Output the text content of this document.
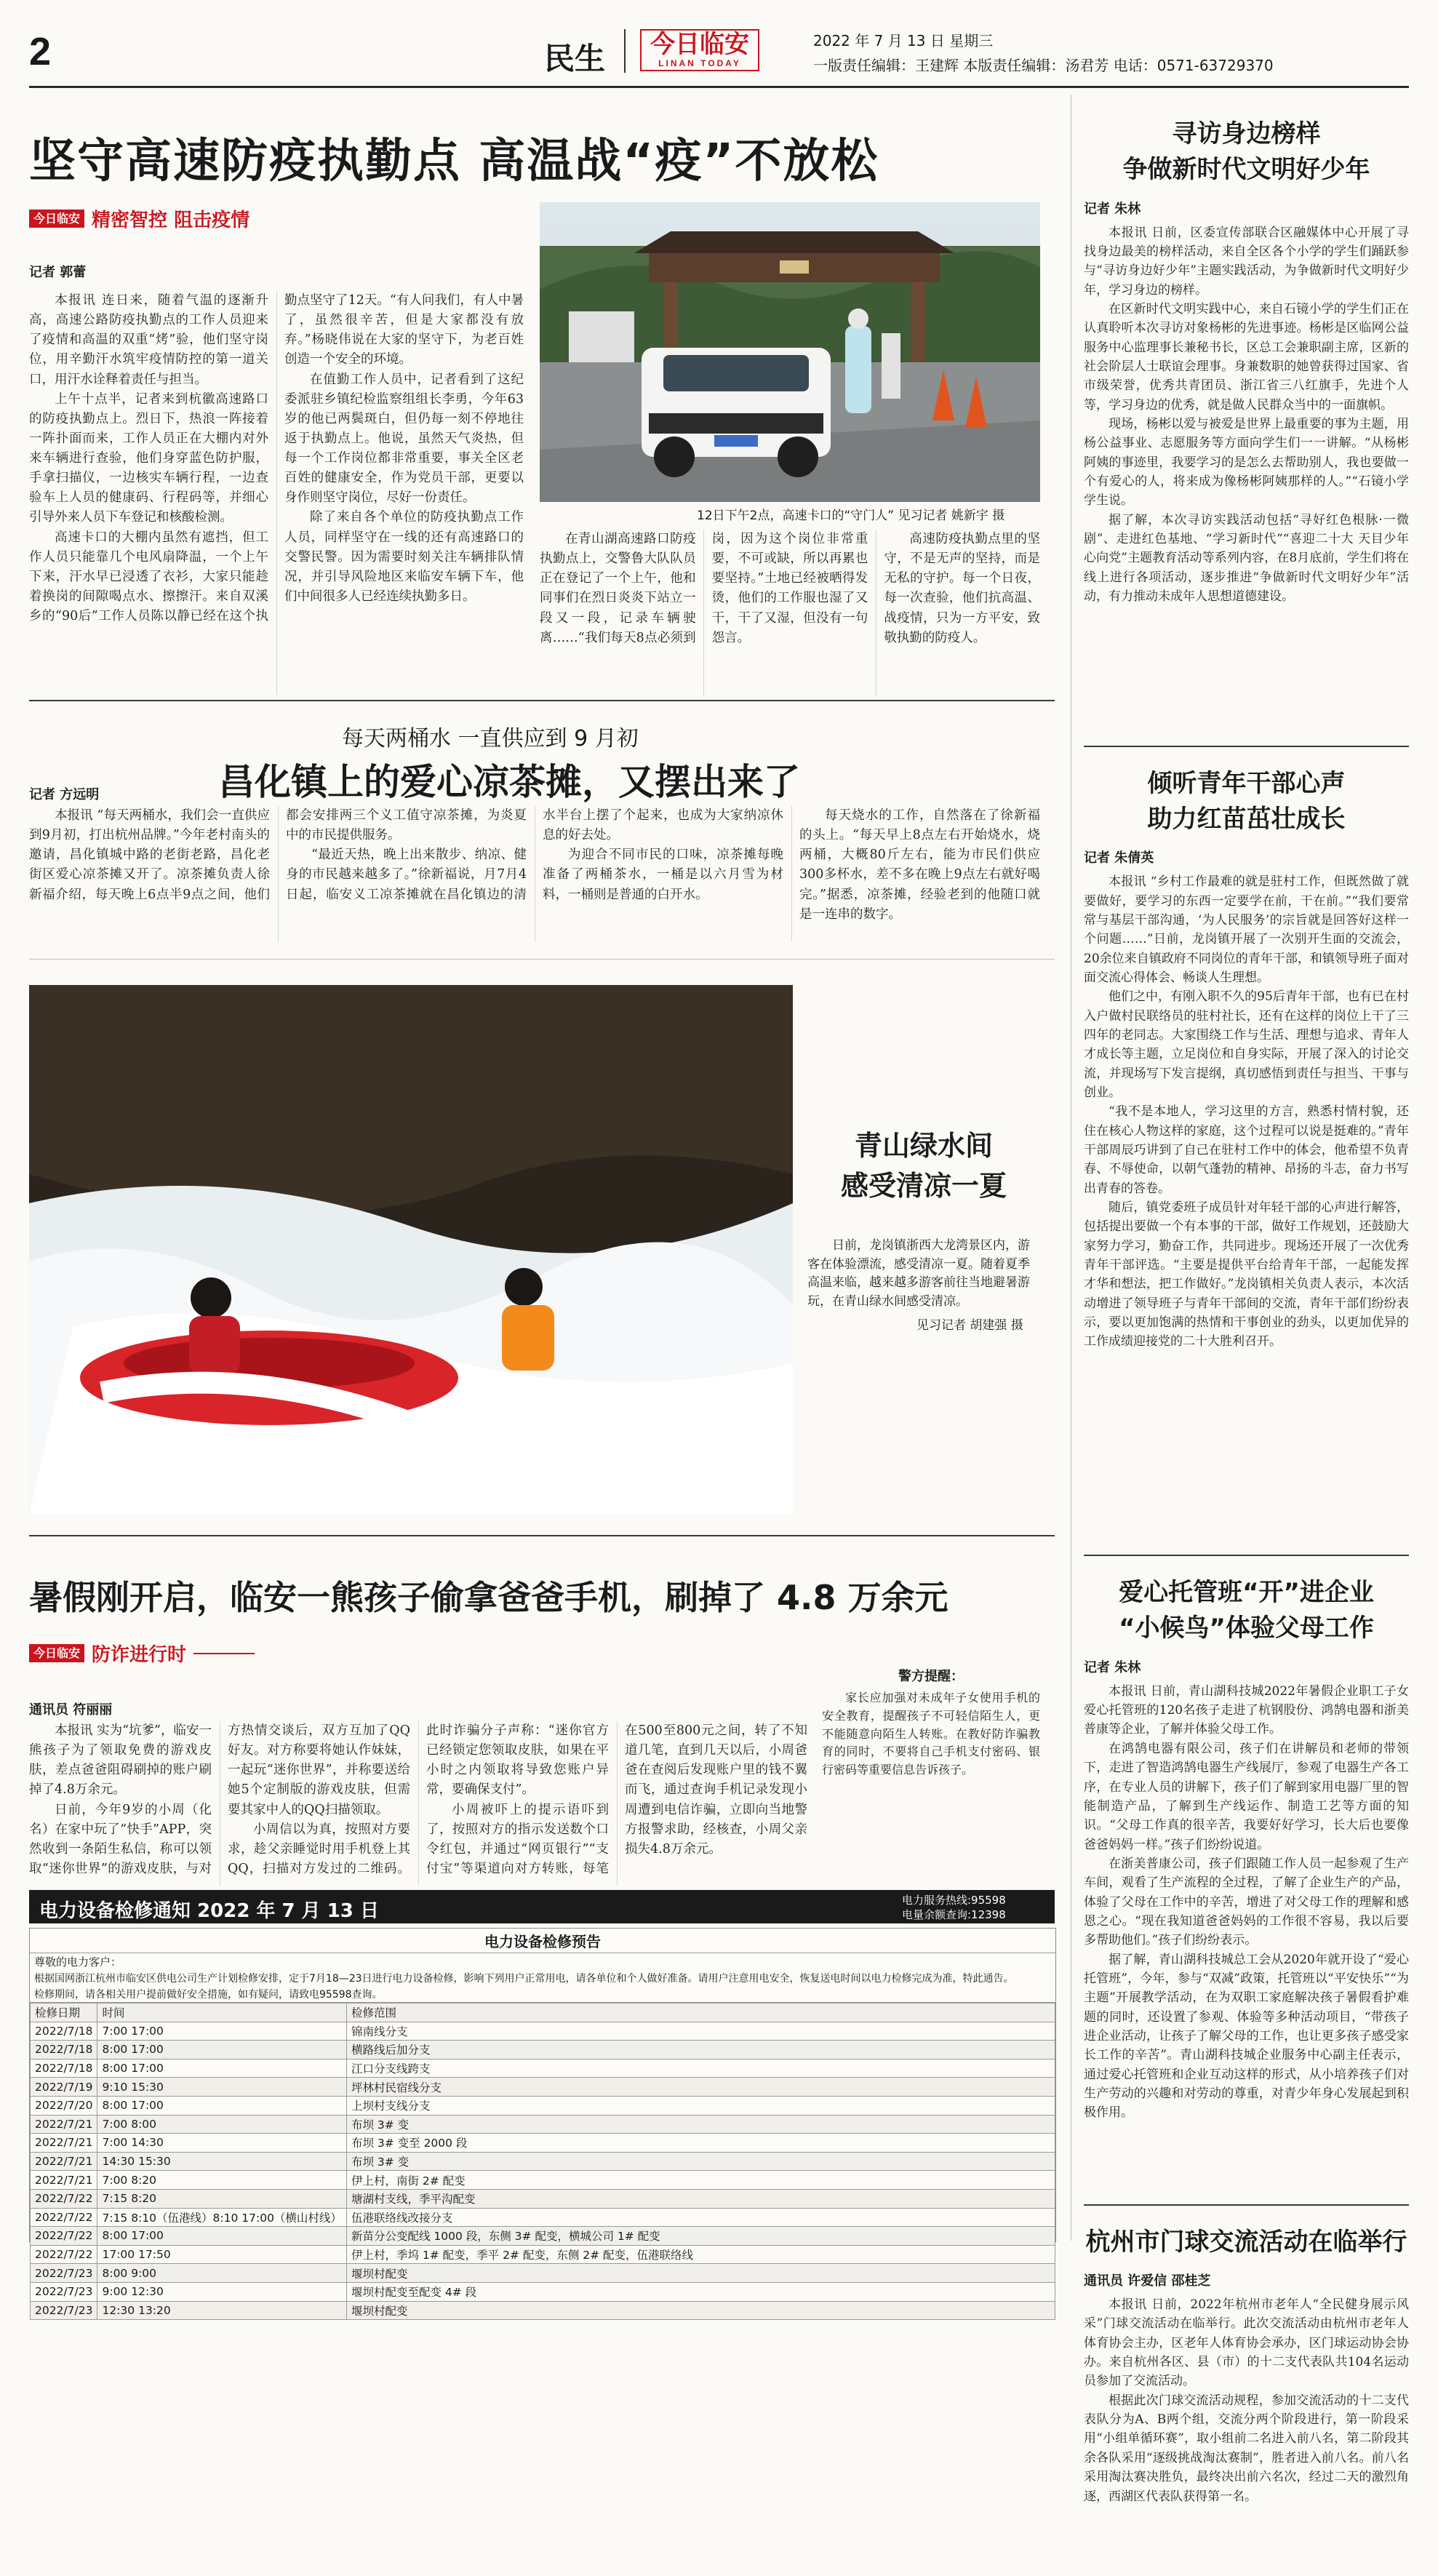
2	民生	今日临安
LINAN TODAY
2022 年 7 月 13 日 星期三
一版责任编辑：王建辉 本版责任编辑：汤君芳 电话：0571-63729370
坚守高速防疫执勤点 高温战“疫”不放松
今日临安 精密智控 阻击疫情
记者 郭蕾

本报讯 连日来，随着气温的逐渐升高，高速公路防疫执勤点的工作人员迎来了疫情和高温的双重“烤”验，他们坚守岗位，用辛勤汗水筑牢疫情防控的第一道关口，用汗水诠释着责任与担当。

上午十点半，记者来到杭徽高速路口的防疫执勤点上。烈日下，热浪一阵接着一阵扑面而来，工作人员正在大棚内对外来车辆进行查验，他们身穿蓝色防护服，手拿扫描仪，一边核实车辆行程，一边查验车上人员的健康码、行程码等，并细心引导外来人员下车登记和核酸检测。

高速卡口的大棚内虽然有遮挡，但工作人员只能靠几个电风扇降温，一个上午下来，汗水早已浸透了衣衫，大家只能趁着换岗的间隙喝点水、擦擦汗。来自双溪乡的“90后”工作人员陈以静已经在这个执勤点坚守了12天。“有人问我们，有人中暑了，虽然很辛苦，但是大家都没有放弃。”杨晓伟说在大家的坚守下，为老百姓创造一个安全的环境。

在值勤工作人员中，记者看到了这纪委派驻乡镇纪检监察组组长李勇，今年63岁的他已两鬓斑白，但仍每一刻不停地往返于执勤点上。他说，虽然天气炎热，但每一个工作岗位都非常重要，事关全区老百姓的健康安全，作为党员干部，更要以身作则坚守岗位，尽好一份责任。

除了来自各个单位的防疫执勤点工作人员，同样坚守在一线的还有高速路口的交警民警。因为需要时刻关注车辆排队情况，并引导风险地区来临安车辆下车，他们中间很多人已经连续执勤多日。

12日下午2点，高速卡口的“守门人” 见习记者 姚新宇 摄

在青山湖高速路口防疫执勤点上，交警鲁大队队员正在登记了一个上午，他和同事们在烈日炎炎下站立一段又一段，记录车辆驶离……“我们每天8点必须到岗，因为这个岗位非常重要，不可或缺，所以再累也要坚持。”土地已经被晒得发烫，他们的工作服也湿了又干，干了又湿，但没有一句怨言。

高速防疫执勤点里的坚守，不是无声的坚持，而是无私的守护。每一个日夜，每一次查验，他们抗高温、战疫情，只为一方平安，致敬执勤的防疫人。

每天两桶水 一直供应到 9 月初
昌化镇上的爱心凉茶摊，又摆出来了
记者 方远明

本报讯 “每天两桶水，我们会一直供应到9月初，打出杭州品牌。”今年老村南头的邀请，昌化镇城中路的老街老路，昌化老街区爱心凉茶摊又开了。凉茶摊负责人徐新福介绍，每天晚上6点半9点之间，他们都会安排两三个义工值守凉茶摊，为炎夏中的市民提供服务。

“最近天热，晚上出来散步、纳凉、健身的市民越来越多了。”徐新福说，月7月4日起，临安义工凉茶摊就在昌化镇边的清水半台上摆了个起来，也成为大家纳凉休息的好去处。

为迎合不同市民的口味，凉茶摊每晚准备了两桶茶水，一桶是以六月雪为材料，一桶则是普通的白开水。

每天烧水的工作，自然落在了徐新福的头上。“每天早上8点左右开始烧水，烧两桶，大概80斤左右，能为市民们供应300多杯水，差不多在晚上9点左右就好喝完。”据悉，凉茶摊，经验老到的他随口就是一连串的数字。

青山绿水间
感受清凉一夏
日前，龙岗镇浙西大龙湾景区内，游客在体验漂流，感受清凉一夏。随着夏季高温来临，越来越多游客前往当地避暑游玩，在青山绿水间感受清凉。
见习记者 胡建强 摄
暑假刚开启，临安一熊孩子偷拿爸爸手机，刷掉了 4.8 万余元
今日临安 防诈进行时
通讯员 符丽丽

本报讯 实为“坑爹”，临安一熊孩子为了领取免费的游戏皮肤，差点爸爸阻碍刷掉的账户刷掉了4.8万余元。

日前，今年9岁的小周（化名）在家中玩了“快手”APP，突然收到一条陌生私信，称可以领取“迷你世界”的游戏皮肤，与对方热情交谈后，双方互加了QQ好友。对方称要将她认作妹妹，一起玩“迷你世界”，并称要送给她5个定制版的游戏皮肤，但需要其家中人的QQ扫描领取。

小周信以为真，按照对方要求，趁父亲睡觉时用手机登上其QQ，扫描对方发过的二维码。此时诈骗分子声称：“迷你官方已经锁定您领取皮肤，如果在平小时之内领取将导致您账户异常，要确保支付”。

小周被吓上的提示语吓到了，按照对方的指示发送数个口令红包，并通过“网页银行”“支付宝”等渠道向对方转账，每笔在500至800元之间，转了不知道几笔，直到几天以后，小周爸爸在查阅后发现账户里的钱不翼而飞，通过查询手机记录发现小周遭到电信诈骗，立即向当地警方报警求助，经核查，小周父亲损失4.8万余元。

警方提醒：
家长应加强对未成年子女使用手机的安全教育，提醒孩子不可轻信陌生人，更不能随意向陌生人转账。在教好防诈骗教育的同时，不要将自己手机支付密码、银行密码等重要信息告诉孩子。
电力设备检修通知 2022 年 7 月 13 日	电力服务热线:95598
电量余额查询:12398
电力设备检修预告
尊敬的电力客户：
根据国网浙江杭州市临安区供电公司生产计划检修安排，定于7月18—23日进行电力设备检修，影响下列用户正常用电，请各单位和个人做好准备。请用户注意用电安全，恢复送电时间以电力检修完成为准，特此通告。
检修期间，请各相关用户提前做好安全措施，如有疑问，请致电95598查询。
检修日期	时间	检修范围
2022/7/18	7:00 17:00	锦南线分支
2022/7/18	8:00 17:00	横路线后加分支
2022/7/18	8:00 17:00	江口分支线跨支
2022/7/19	9:10 15:30	坪林村民宿线分支
2022/7/20	8:00 17:00	上坝村支线分支
2022/7/21	7:00 8:00	布坝 3# 变
2022/7/21	7:00 14:30	布坝 3# 变至 2000 段
2022/7/21	14:30 15:30	布坝 3# 变
2022/7/21	7:00 8:20	伊上村，南街 2# 配变
2022/7/22	7:15 8:20	塘湖村支线，季平沟配变
2022/7/22	7:15 8:10（伍港线）8:10 17:00（横山村线）	伍港联络线改接分支
2022/7/22	8:00 17:00	新苗分公变配线 1000 段，东侧 3# 配变，横城公司 1# 配变
2022/7/22	17:00 17:50	伊上村，季坞 1# 配变，季平 2# 配变，东侧 2# 配变，伍港联络线
2022/7/23	8:00 9:00	堰坝村配变
2022/7/23	9:00 12:30	堰坝村配变至配变 4# 段
2022/7/23	12:30 13:20	堰坝村配变
寻访身边榜样
争做新时代文明好少年
记者 朱林

本报讯 日前，区委宣传部联合区融媒体中心开展了寻找身边最美的榜样活动，来自全区各个小学的学生们踊跃参与“寻访身边好少年”主题实践活动，为争做新时代文明好少年，学习身边的榜样。

在区新时代文明实践中心，来自石镜小学的学生们正在认真聆听本次寻访对象杨彬的先进事迹。杨彬是区临网公益服务中心监理事长兼秘书长，区总工会兼职副主席，区新的社会阶层人士联谊会理事。身兼数职的她曾获得过国家、省市级荣誉，优秀共青团员、浙江省三八红旗手，先进个人等，学习身边的优秀，就是做人民群众当中的一面旗帜。

现场，杨彬以爱与被爱是世界上最重要的事为主题，用杨公益事业、志愿服务等方面向学生们一一讲解。“从杨彬阿姨的事迹里，我要学习的是怎么去帮助别人，我也要做一个有爱心的人，将来成为像杨彬阿姨那样的人。”“石镜小学学生说。

据了解，本次寻访实践活动包括“寻好红色根脉·一微剧”、走进红色基地、“学习新时代”“喜迎二十大 天目少年心向党”主题教育活动等系列内容，在8月底前，学生们将在线上进行各项活动，逐步推进“争做新时代文明好少年”活动，有力推动未成年人思想道德建设。

倾听青年干部心声
助力红苗茁壮成长
记者 朱倩英

本报讯 “乡村工作最难的就是驻村工作，但既然做了就要做好，要学习的东西一定要学在前，干在前。”“我们要常常与基层干部沟通，‘为人民服务’的宗旨就是回答好这样一个问题……”日前，龙岗镇开展了一次别开生面的交流会，20余位来自镇政府不同岗位的青年干部，和镇领导班子面对面交流心得体会、畅谈人生理想。

他们之中，有刚入职不久的95后青年干部，也有已在村入户做村民联络员的驻村社长，还有在这样的岗位上干了三四年的老同志。大家围绕工作与生活、理想与追求、青年人才成长等主题，立足岗位和自身实际，开展了深入的讨论交流，并现场写下发言提纲，真切感悟到责任与担当、干事与创业。

“我不是本地人，学习这里的方言，熟悉村情村貌，还住在核心人物这样的家庭，这个过程可以说是挺难的。”青年干部周辰巧讲到了自己在驻村工作中的体会，他希望不负青春、不辱使命，以朝气蓬勃的精神、昂扬的斗志，奋力书写出青春的答卷。

随后，镇党委班子成员针对年轻干部的心声进行解答，包括提出要做一个有本事的干部，做好工作规划，还鼓励大家努力学习，勤奋工作，共同进步。现场还开展了一次优秀青年干部评选。“主要是提供平台给青年干部，一起能发挥才华和想法，把工作做好。”龙岗镇相关负责人表示，本次活动增进了领导班子与青年干部间的交流，青年干部们纷纷表示，要以更加饱满的热情和干事创业的劲头，以更加优异的工作成绩迎接党的二十大胜利召开。

爱心托管班“开”进企业
“小候鸟”体验父母工作
记者 朱林

本报讯 日前，青山湖科技城2022年暑假企业职工子女爱心托管班的120名孩子走进了杭钢股份、鸿鹄电器和浙美普康等企业，了解并体验父母工作。

在鸿鹄电器有限公司，孩子们在讲解员和老师的带领下，走进了智造鸿鹄电器生产线展厅，参观了电器生产各工序，在专业人员的讲解下，孩子们了解到家用电器厂里的智能制造产品，了解到生产线运作、制造工艺等方面的知识。“父母工作真的很辛苦，我要好好学习，长大后也要像爸爸妈妈一样。”孩子们纷纷说道。

在浙美普康公司，孩子们跟随工作人员一起参观了生产车间，观看了生产流程的全过程，了解了企业生产的产品，体验了父母在工作中的辛苦，增进了对父母工作的理解和感恩之心。“现在我知道爸爸妈妈的工作很不容易，我以后要多帮助他们。”孩子们纷纷表示。

据了解，青山湖科技城总工会从2020年就开设了“爱心托管班”，今年，参与“双减”政策，托管班以“平安快乐”“为主题”开展教学活动，在为双职工家庭解决孩子暑假看护难题的同时，还设置了参观、体验等多种活动项目，“带孩子进企业活动，让孩子了解父母的工作，也让更多孩子感受家长工作的辛苦”。青山湖科技城企业服务中心副主任表示，通过爱心托管班和企业互动这样的形式，从小培养孩子们对生产劳动的兴趣和对劳动的尊重，对青少年身心发展起到积极作用。

杭州市门球交流活动在临举行
通讯员 许爱信 邵桂芝

本报讯 日前，2022年杭州市老年人“全民健身展示风采”门球交流活动在临举行。此次交流活动由杭州市老年人体育协会主办，区老年人体育协会承办，区门球运动协会协办。来自杭州各区、县（市）的十二支代表队共104名运动员参加了交流活动。

根据此次门球交流活动规程，参加交流活动的十二支代表队分为A、B两个组，交流分两个阶段进行，第一阶段采用“小组单循环赛”，取小组前二名进入前八名，第二阶段其余各队采用“逐级挑战淘汰赛制”，胜者进入前八名。前八名采用淘汰赛决胜负，最终决出前六名次，经过二天的激烈角逐，西湖区代表队获得第一名。
